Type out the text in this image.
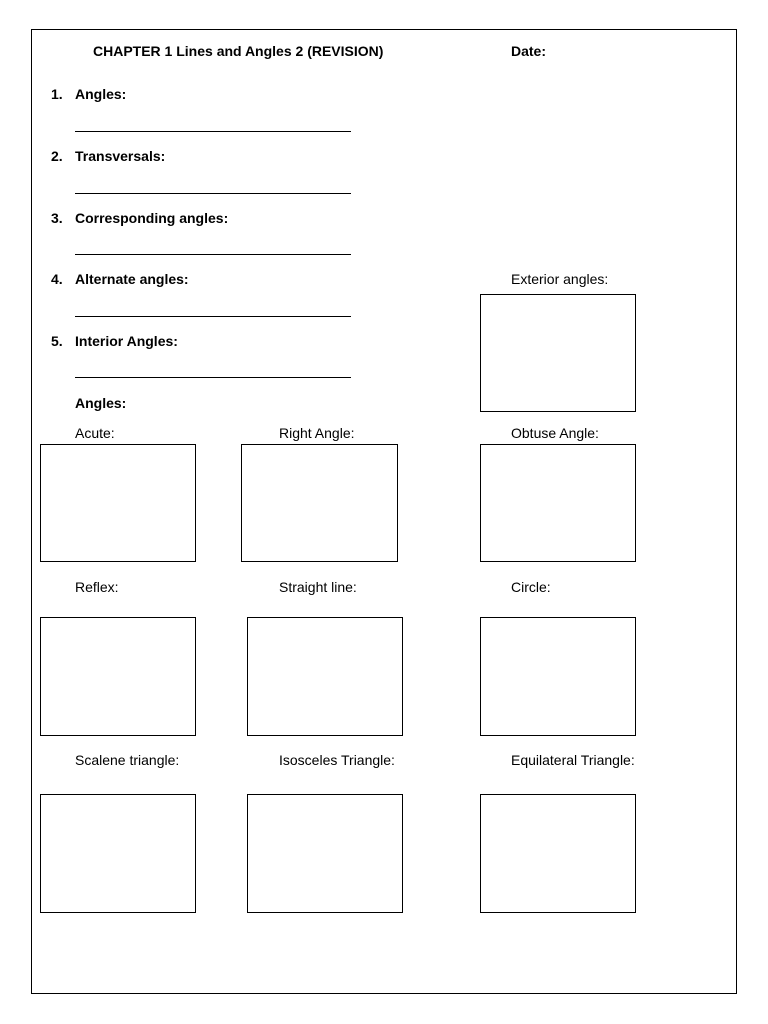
CHAPTER 1 Lines and Angles 2 (REVISION)	Date:
1. Angles:
2. Transversals:
3. Corresponding angles:
4. Alternate angles:
5. Interior Angles:
Exterior angles:
Angles:
Acute:	Right Angle:	Obtuse Angle:
Reflex:	Straight line:	Circle:
Scalene triangle:	Isosceles Triangle:	Equilateral Triangle:
